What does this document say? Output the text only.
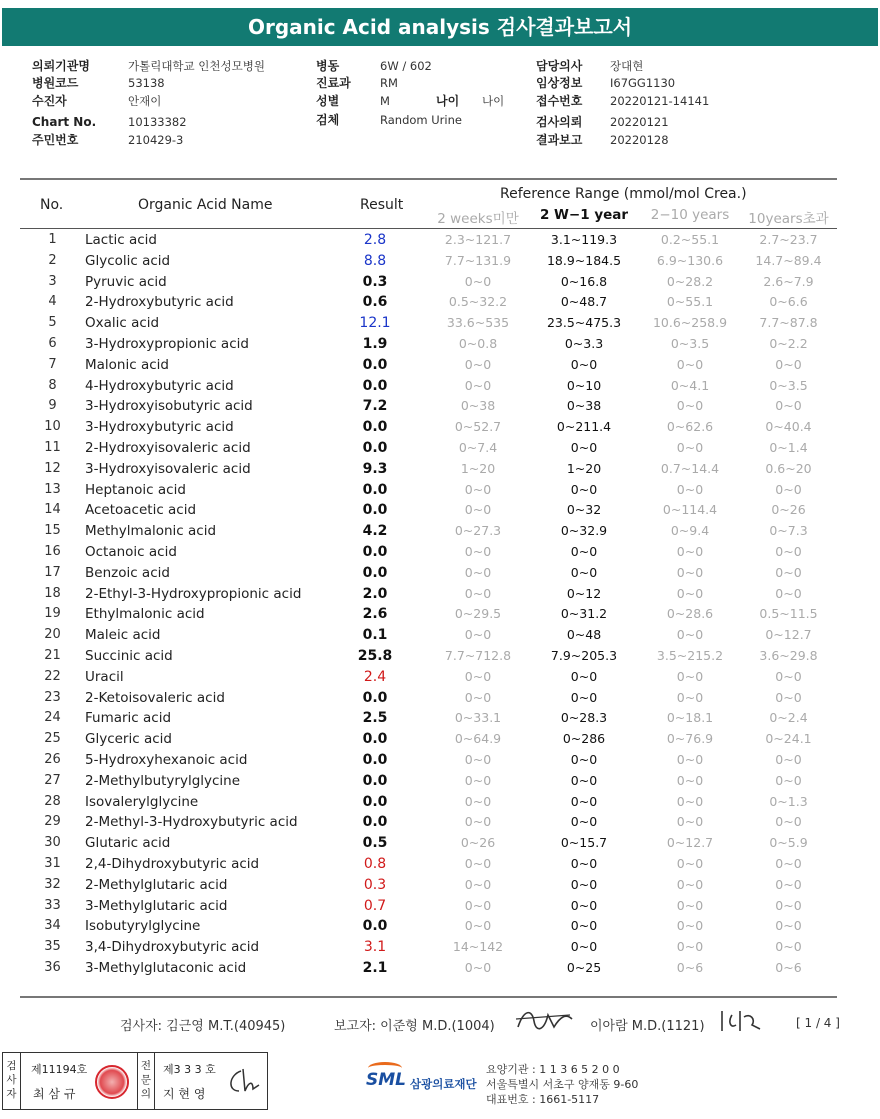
Organic Acid analysis 검사결과보고서
의뢰기관명	가톨릭대학교 인천성모병원
병원코드	53138
수진자	안재이
Chart No.	10133382
주민번호	210429-3
병동	6W / 602
진료과	RM
성별	M	나이 나이
검체	Random Urine
담당의사 장대현
임상정보 I67GG1130
접수번호 20220121-14141
검사의뢰 20220121
결과보고 20220128
No.	Organic Acid Name	Result
Reference Range (mmol/mol Crea.)
2 weeks미만	2 W−1 year	2−10 years	10years초과
1	Lactic acid	2.8	2.3~121.7	3.1~119.3	0.2~55.1	2.7~23.7
2	Glycolic acid	8.8	7.7~131.9	18.9~184.5	6.9~130.6	14.7~89.4
3	Pyruvic acid	0.3	0~0	0~16.8	0~28.2	2.6~7.9
4	2-Hydroxybutyric acid	0.6	0.5~32.2	0~48.7	0~55.1	0~6.6
5	Oxalic acid	12.1	33.6~535	23.5~475.3	10.6~258.9	7.7~87.8
6	3-Hydroxypropionic acid	1.9	0~0.8	0~3.3	0~3.5	0~2.2
7	Malonic acid	0.0	0~0	0~0	0~0	0~0
8	4-Hydroxybutyric acid	0.0	0~0	0~10	0~4.1	0~3.5
9	3-Hydroxyisobutyric acid	7.2	0~38	0~38	0~0	0~0
10	3-Hydroxybutyric acid	0.0	0~52.7	0~211.4	0~62.6	0~40.4
11	2-Hydroxyisovaleric acid	0.0	0~7.4	0~0	0~0	0~1.4
12	3-Hydroxyisovaleric acid	9.3	1~20	1~20	0.7~14.4	0.6~20
13	Heptanoic acid	0.0	0~0	0~0	0~0	0~0
14	Acetoacetic acid	0.0	0~0	0~32	0~114.4	0~26
15	Methylmalonic acid	4.2	0~27.3	0~32.9	0~9.4	0~7.3
16	Octanoic acid	0.0	0~0	0~0	0~0	0~0
17	Benzoic acid	0.0	0~0	0~0	0~0	0~0
18	2-Ethyl-3-Hydroxypropionic acid	2.0	0~0	0~12	0~0	0~0
19	Ethylmalonic acid	2.6	0~29.5	0~31.2	0~28.6	0.5~11.5
20	Maleic acid	0.1	0~0	0~48	0~0	0~12.7
21	Succinic acid	25.8	7.7~712.8	7.9~205.3	3.5~215.2	3.6~29.8
22	Uracil	2.4	0~0	0~0	0~0	0~0
23	2-Ketoisovaleric acid	0.0	0~0	0~0	0~0	0~0
24	Fumaric acid	2.5	0~33.1	0~28.3	0~18.1	0~2.4
25	Glyceric acid	0.0	0~64.9	0~286	0~76.9	0~24.1
26	5-Hydroxyhexanoic acid	0.0	0~0	0~0	0~0	0~0
27	2-Methylbutyrylglycine	0.0	0~0	0~0	0~0	0~0
28	Isovalerylglycine	0.0	0~0	0~0	0~0	0~1.3
29	2-Methyl-3-Hydroxybutyric acid	0.0	0~0	0~0	0~0	0~0
30	Glutaric acid	0.5	0~26	0~15.7	0~12.7	0~5.9
31	2,4-Dihydroxybutyric acid	0.8	0~0	0~0	0~0	0~0
32	2-Methylglutaric acid	0.3	0~0	0~0	0~0	0~0
33	3-Methylglutaric acid	0.7	0~0	0~0	0~0	0~0
34	Isobutyrylglycine	0.0	0~0	0~0	0~0	0~0
35	3,4-Dihydroxybutyric acid	3.1	14~142	0~0	0~0	0~0
36	3-Methylglutaconic acid	2.1	0~0	0~25	0~6	0~6
검사자: 김근영 M.T.(40945)	보고자: 이준형 M.D.(1004)	이아람 M.D.(1121)	[ 1 / 4 ]
검
사
자
제11194호
최 삼 규
전
문
의
제3 3 3 호
지 현 영
SML 삼광의료재단
요양기관 : 1 1 3 6 5 2 0 0
서울특별시 서초구 양재동 9-60
대표번호 : 1661-5117
